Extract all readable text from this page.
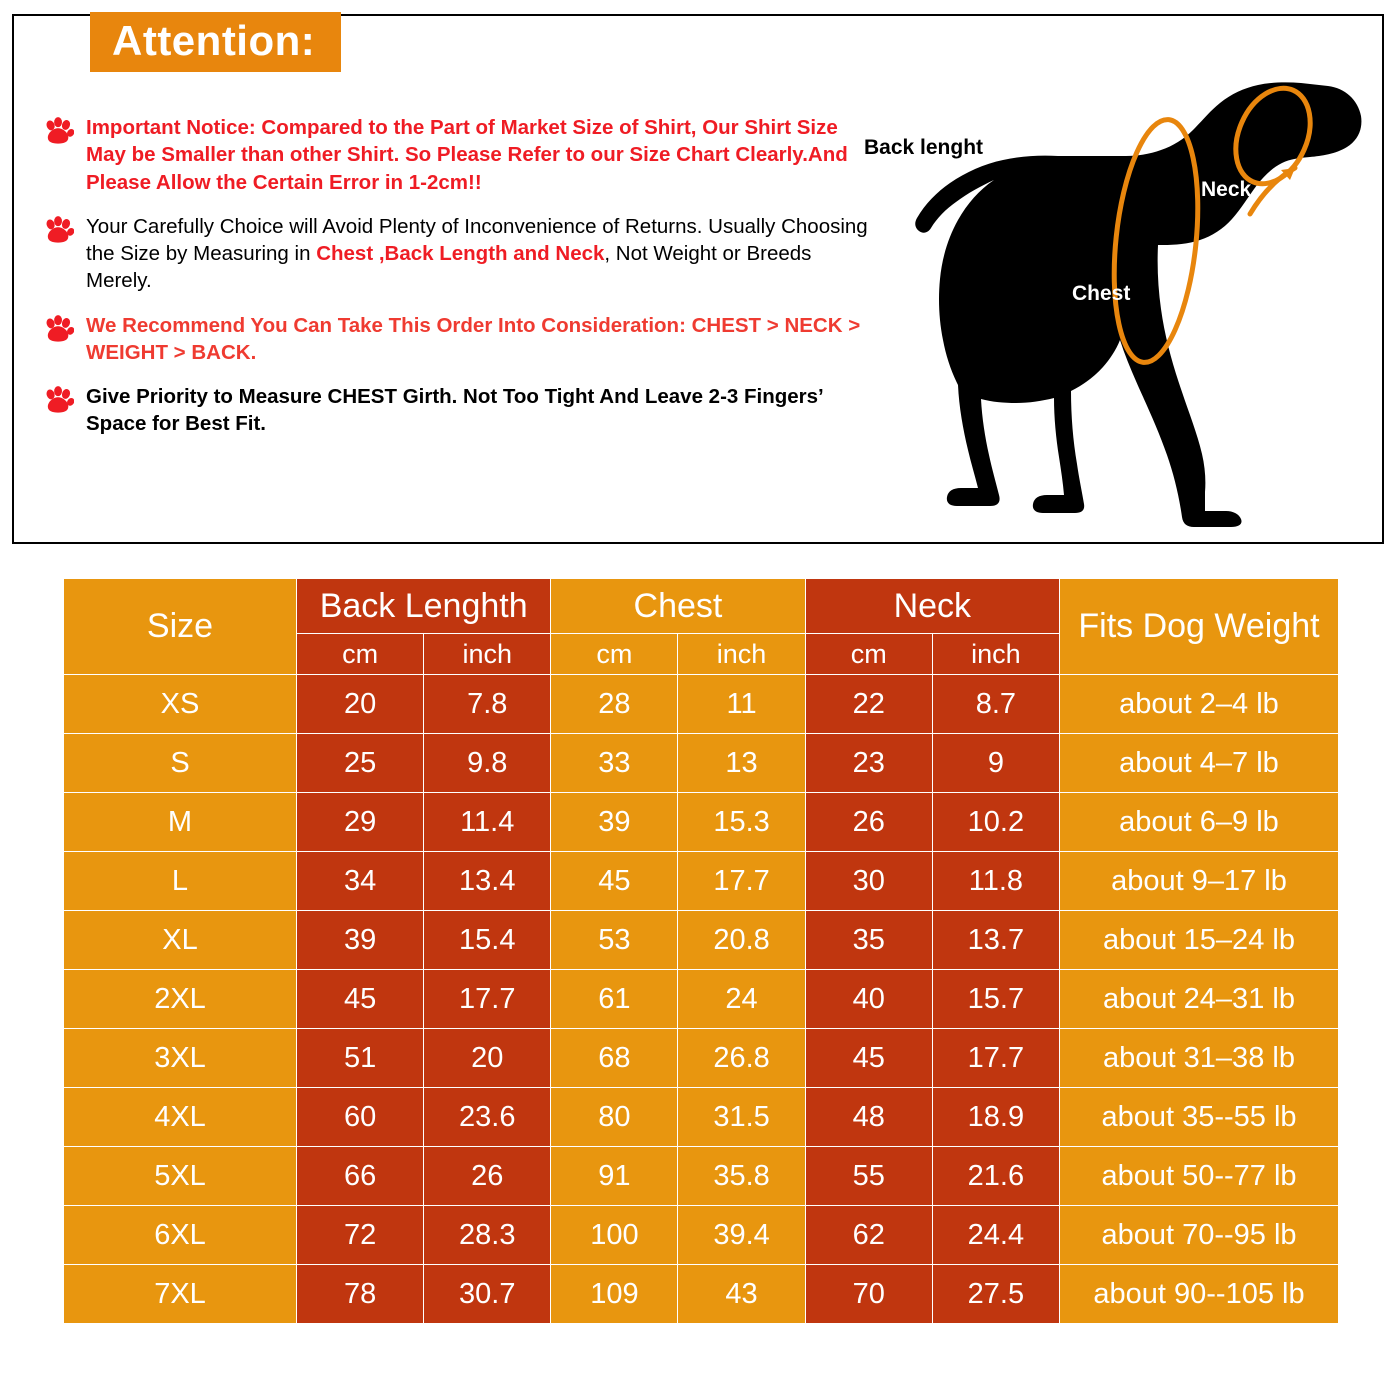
Attention:
Important Notice: Compared to the Part of Market Size of Shirt, Our Shirt Size May be Smaller than other Shirt. So Please Refer to our Size Chart Clearly.And Please Allow the Certain Error in 1-2cm!!
Your Carefully Choice will Avoid Plenty of Inconvenience of Returns. Usually Choosing the Size by Measuring in Chest ,Back Length and Neck, Not Weight or Breeds Merely.
We Recommend You Can Take This Order Into Consideration: CHEST > NECK > WEIGHT > BACK.
Give Priority to Measure CHEST Girth. Not Too Tight And Leave 2-3 Fingers’ Space for Best Fit.
Back lenght
Neck
Chest
Size	Back Lenghth		Chest		Neck		Fits Dog Weight
	cm	inch	cm	inch	cm	inch	
XS	20	7.8	28	11	22	8.7	about 2–4 lb
S	25	9.8	33	13	23	9	about 4–7 lb
M	29	11.4	39	15.3	26	10.2	about 6–9 lb
L	34	13.4	45	17.7	30	11.8	about 9–17 lb
XL	39	15.4	53	20.8	35	13.7	about 15–24 lb
2XL	45	17.7	61	24	40	15.7	about 24–31 lb
3XL	51	20	68	26.8	45	17.7	about 31–38 lb
4XL	60	23.6	80	31.5	48	18.9	about 35--55 lb
5XL	66	26	91	35.8	55	21.6	about 50--77 lb
6XL	72	28.3	100	39.4	62	24.4	about 70--95 lb
7XL	78	30.7	109	43	70	27.5	about 90--105 lb
